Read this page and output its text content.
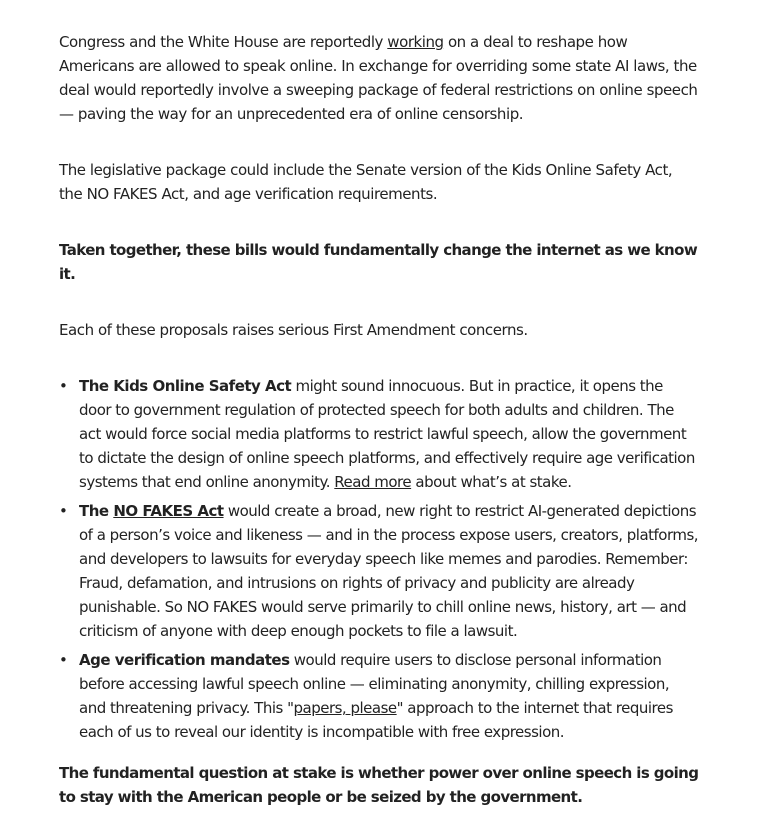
Congress and the White House are reportedly working on a deal to reshape how Americans are allowed to speak online. In exchange for overriding some state AI laws, the deal would reportedly involve a sweeping package of federal restrictions on online speech — paving the way for an unprecedented era of online censorship.

The legislative package could include the Senate version of the Kids Online Safety Act, the NO FAKES Act, and age verification requirements.

Taken together, these bills would fundamentally change the internet as we know it.

Each of these proposals raises serious First Amendment concerns.

• The Kids Online Safety Act might sound innocuous. But in practice, it opens the door to government regulation of protected speech for both adults and children. The act would force social media platforms to restrict lawful speech, allow the government to dictate the design of online speech platforms, and effectively require age verification systems that end online anonymity. Read more about what’s at stake.
• The NO FAKES Act would create a broad, new right to restrict AI-generated depictions of a person’s voice and likeness — and in the process expose users, creators, platforms, and developers to lawsuits for everyday speech like memes and parodies. Remember: Fraud, defamation, and intrusions on rights of privacy and publicity are already punishable. So NO FAKES would serve primarily to chill online news, history, art — and criticism of anyone with deep enough pockets to file a lawsuit.
• Age verification mandates would require users to disclose personal information before accessing lawful speech online — eliminating anonymity, chilling expression, and threatening privacy. This "papers, please" approach to the internet that requires each of us to reveal our identity is incompatible with free expression.

The fundamental question at stake is whether power over online speech is going to stay with the American people or be seized by the government.
